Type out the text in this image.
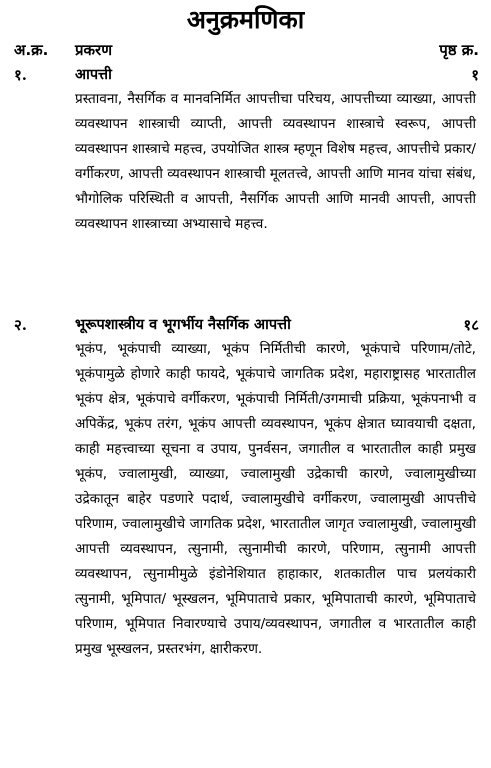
अनुक्रमणिका
अ.क्र. प्रकरण	पृष्ठ क्र.
१.	आपत्ती	१

प्रस्तावना, नैसर्गिक व मानवनिर्मित आपत्तीचा परिचय, आपत्तीच्या व्याख्या, आपत्ती व्यवस्थापन शास्त्राची व्याप्ती, आपत्ती व्यवस्थापन शास्त्राचे स्वरूप, आपत्ती व्यवस्थापन शास्त्राचे महत्त्व, उपयोजित शास्त्र म्हणून विशेष महत्त्व, आपत्तीचे प्रकार/वर्गीकरण, आपत्ती व्यवस्थापन शास्त्राची मूलतत्त्वे, आपत्ती आणि मानव यांचा संबंध, भौगोलिक परिस्थिती व आपत्ती, नैसर्गिक आपत्ती आणि मानवी आपत्ती, आपत्ती व्यवस्थापन शास्त्राच्या अभ्यासाचे महत्त्व.

२.	भूरूपशास्त्रीय व भूगर्भीय नैसर्गिक आपत्ती	१८

भूकंप, भूकंपाची व्याख्या, भूकंप निर्मितीची कारणे, भूकंपाचे परिणाम/तोटे, भूकंपामुळे होणारे काही फायदे, भूकंपाचे जागतिक प्रदेश, महाराष्ट्रासह भारतातील भूकंप क्षेत्र, भूकंपाचे वर्गीकरण, भूकंपाची निर्मिती/उगमाची प्रक्रिया, भूकंपनाभी व अपिकेंद्र, भूकंप तरंग, भूकंप आपत्ती व्यवस्थापन, भूकंप क्षेत्रात घ्यावयाची दक्षता, काही महत्त्वाच्या सूचना व उपाय, पुनर्वसन, जगातील व भारतातील काही प्रमुख भूकंप, ज्वालामुखी, व्याख्या, ज्वालामुखी उद्रेकाची कारणे, ज्वालामुखीच्या उद्रेकातून बाहेर पडणारे पदार्थ, ज्वालामुखीचे वर्गीकरण, ज्वालामुखी आपत्तीचे परिणाम, ज्वालामुखीचे जागतिक प्रदेश, भारतातील जागृत ज्वालामुखी, ज्वालामुखी आपत्ती व्यवस्थापन, त्सुनामी, त्सुनामीची कारणे, परिणाम, त्सुनामी आपत्ती व्यवस्थापन, त्सुनामीमुळे इंडोनेशियात हाहाकार, शतकातील पाच प्रलयंकारी त्सुनामी, भूमिपात/ भूस्खलन, भूमिपाताचे प्रकार, भूमिपाताची कारणे, भूमिपाताचे परिणाम, भूमिपात निवारण्याचे उपाय/व्यवस्थापन, जगातील व भारतातील काही प्रमुख भूस्खलन, प्रस्तरभंग, क्षारीकरण.
